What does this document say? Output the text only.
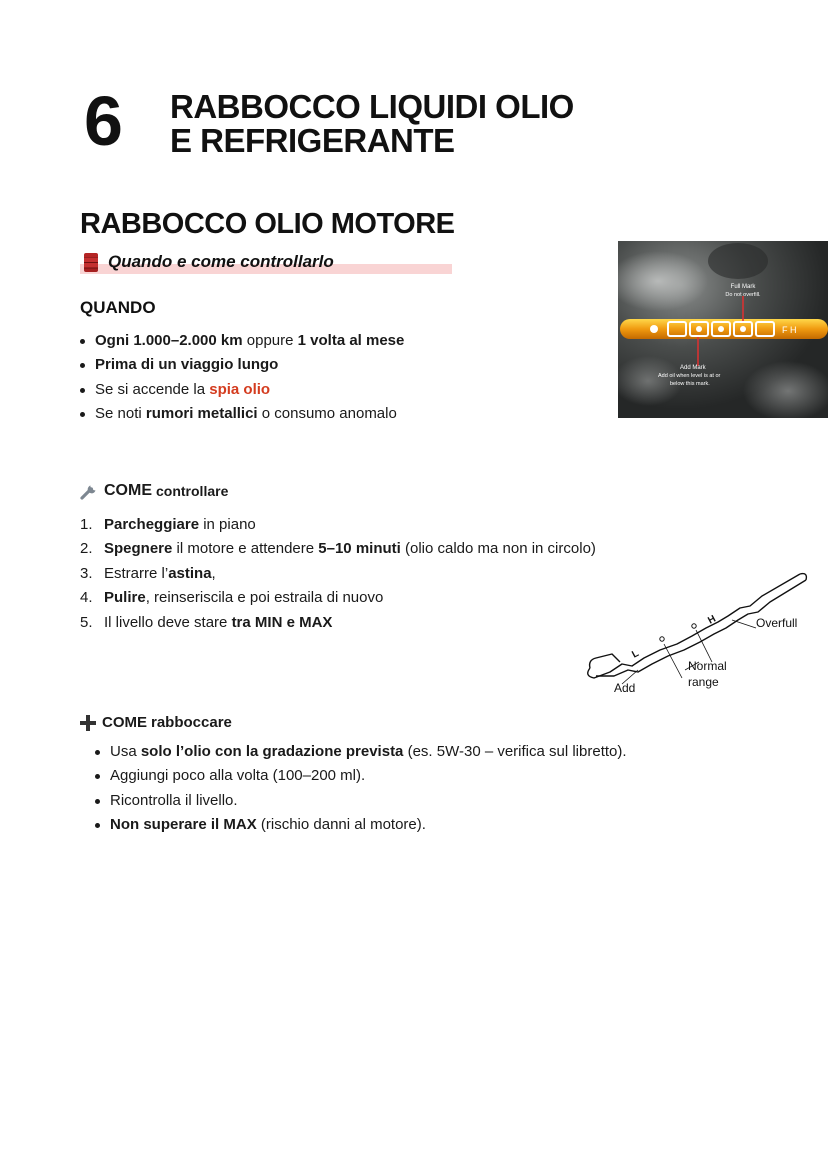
6 RABBOCCO LIQUIDI OLIO
E REFRIGERANTE
RABBOCCO OLIO MOTORE
Quando e come controllarlo
QUANDO
Ogni 1.000–2.000 km oppure 1 volta al mese
Prima di un viaggio lungo
Se si accende la spia olio
Se noti rumori metallici o consumo anomalo
F H
Full Mark
Do not overfill.
Add Mark
Add oil when level is at or
below this mark.
COME controllare
1. Parcheggiare in piano
2. Spegnere il motore e attendere 5–10 minuti (olio caldo ma non in circolo)
3. Estrarre l’astina,
4. Pulire, reinseriscila e poi estraila di nuovo
5. Il livello deve stare tra MIN e MAX
L
H	Overfull
Normal
range
Add
COME rabboccare
Usa solo l’olio con la gradazione prevista (es. 5W-30 – verifica sul libretto).
Aggiungi poco alla volta (100–200 ml).
Ricontrolla il livello.
Non superare il MAX (rischio danni al motore).
